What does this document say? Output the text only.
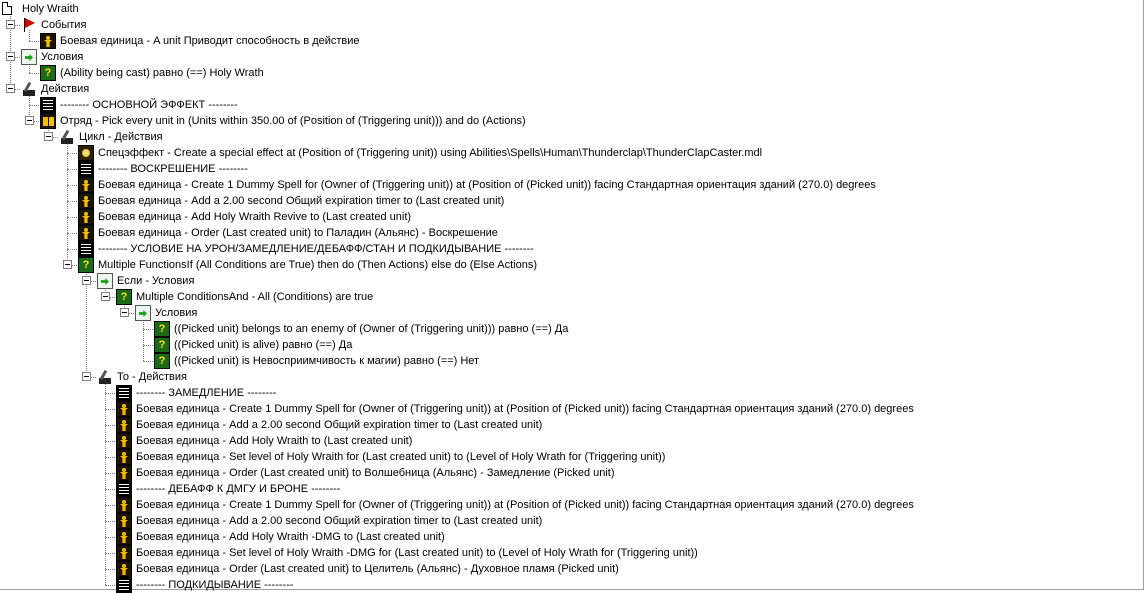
Holy Wraith
События
Боевая единица - A unit Приводит способность в действие
Условия
? (Ability being cast) равно (==) Holy Wrath
Действия
-------- ОСНОВНОЙ ЭФФЕКТ --------
Отряд - Pick every unit in (Units within 350.00 of (Position of (Triggering unit))) and do (Actions)
Цикл - Действия
Спецэффект - Create a special effect at (Position of (Triggering unit)) using Abilities\Spells\Human\Thunderclap\ThunderClapCaster.mdl
-------- ВОСКРЕШЕНИЕ --------
Боевая единица - Create 1 Dummy Spell for (Owner of (Triggering unit)) at (Position of (Picked unit)) facing Стандартная ориентация зданий (270.0) degrees
Боевая единица - Add a 2.00 second Общий expiration timer to (Last created unit)
Боевая единица - Add Holy Wraith Revive to (Last created unit)
Боевая единица - Order (Last created unit) to Паладин (Альянс) - Воскрешение
-------- УСЛОВИЕ НА УРОН/ЗАМЕДЛЕНИЕ/ДЕБАФФ/СТАН И ПОДКИДЫВАНИЕ --------
? Multiple FunctionsIf (All Conditions are True) then do (Then Actions) else do (Else Actions)
Если - Условия
? Multiple ConditionsAnd - All (Conditions) are true
Условия
? ((Picked unit) belongs to an enemy of (Owner of (Triggering unit))) равно (==) Да
? ((Picked unit) is alive) равно (==) Да
? ((Picked unit) is Невосприимчивость к магии) равно (==) Нет
То - Действия
-------- ЗАМЕДЛЕНИЕ --------
Боевая единица - Create 1 Dummy Spell for (Owner of (Triggering unit)) at (Position of (Picked unit)) facing Стандартная ориентация зданий (270.0) degrees
Боевая единица - Add a 2.00 second Общий expiration timer to (Last created unit)
Боевая единица - Add Holy Wraith to (Last created unit)
Боевая единица - Set level of Holy Wraith for (Last created unit) to (Level of Holy Wrath for (Triggering unit))
Боевая единица - Order (Last created unit) to Волшебница (Альянс) - Замедление (Picked unit)
-------- ДЕБАФФ К ДМГУ И БРОНЕ --------
Боевая единица - Create 1 Dummy Spell for (Owner of (Triggering unit)) at (Position of (Picked unit)) facing Стандартная ориентация зданий (270.0) degrees
Боевая единица - Add a 2.00 second Общий expiration timer to (Last created unit)
Боевая единица - Add Holy Wraith -DMG to (Last created unit)
Боевая единица - Set level of Holy Wraith -DMG for (Last created unit) to (Level of Holy Wrath for (Triggering unit))
Боевая единица - Order (Last created unit) to Целитель (Альянс) - Духовное пламя (Picked unit)
-------- ПОДКИДЫВАНИЕ --------
